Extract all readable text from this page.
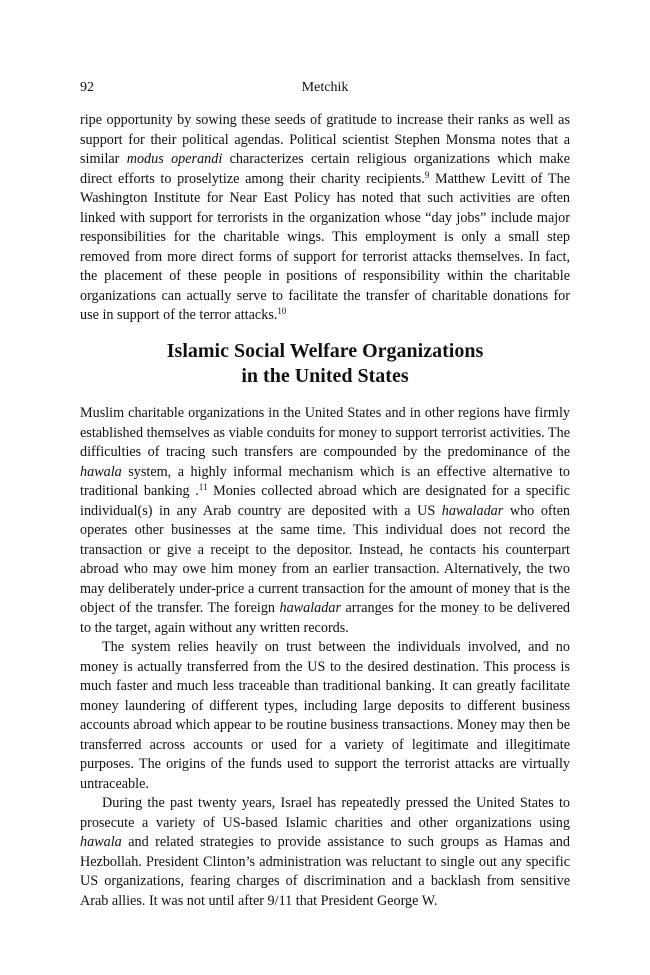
92	Metchik

ripe opportunity by sowing these seeds of gratitude to increase their ranks as well as support for their political agendas. Political scientist Stephen Monsma notes that a similar modus operandi characterizes certain religious organizations which make direct efforts to proselytize among their charity recipients.$^9$ Matthew Levitt of The Washington Institute for Near East Policy has noted that such activities are often linked with support for terrorists in the organization whose “day jobs” include major responsibilities for the charitable wings. This employment is only a small step removed from more direct forms of support for terrorist attacks themselves. In fact, the placement of these people in positions of responsibility within the charitable organizations can actually serve to facilitate the transfer of charitable donations for use in support of the terror attacks.$^{10}$

Islamic Social Welfare Organizations
in the United States

Muslim charitable organizations in the United States and in other regions have firmly established themselves as viable conduits for money to support terrorist activities. The difficulties of tracing such transfers are compounded by the predominance of the hawala system, a highly informal mechanism which is an effective alternative to traditional banking .$^{11}$ Monies collected abroad which are designated for a specific individual(s) in any Arab country are deposited with a US hawaladar who often operates other businesses at the same time. This individual does not record the transaction or give a receipt to the depositor. Instead, he contacts his counterpart abroad who may owe him money from an earlier transaction. Alternatively, the two may deliberately under-price a current transaction for the amount of money that is the object of the transfer. The foreign hawaladar arranges for the money to be delivered to the target, again without any written records.

The system relies heavily on trust between the individuals involved, and no money is actually transferred from the US to the desired destination. This process is much faster and much less traceable than traditional banking. It can greatly facilitate money laundering of different types, including large deposits to different business accounts abroad which appear to be routine business transactions. Money may then be transferred across accounts or used for a variety of legitimate and illegitimate purposes. The origins of the funds used to support the terrorist attacks are virtually untraceable.

During the past twenty years, Israel has repeatedly pressed the United States to prosecute a variety of US-based Islamic charities and other organizations using hawala and related strategies to provide assistance to such groups as Hamas and Hezbollah. President Clinton’s administration was reluctant to single out any specific US organizations, fearing charges of discrimination and a backlash from sensitive Arab allies. It was not until after 9/11 that President George W.
